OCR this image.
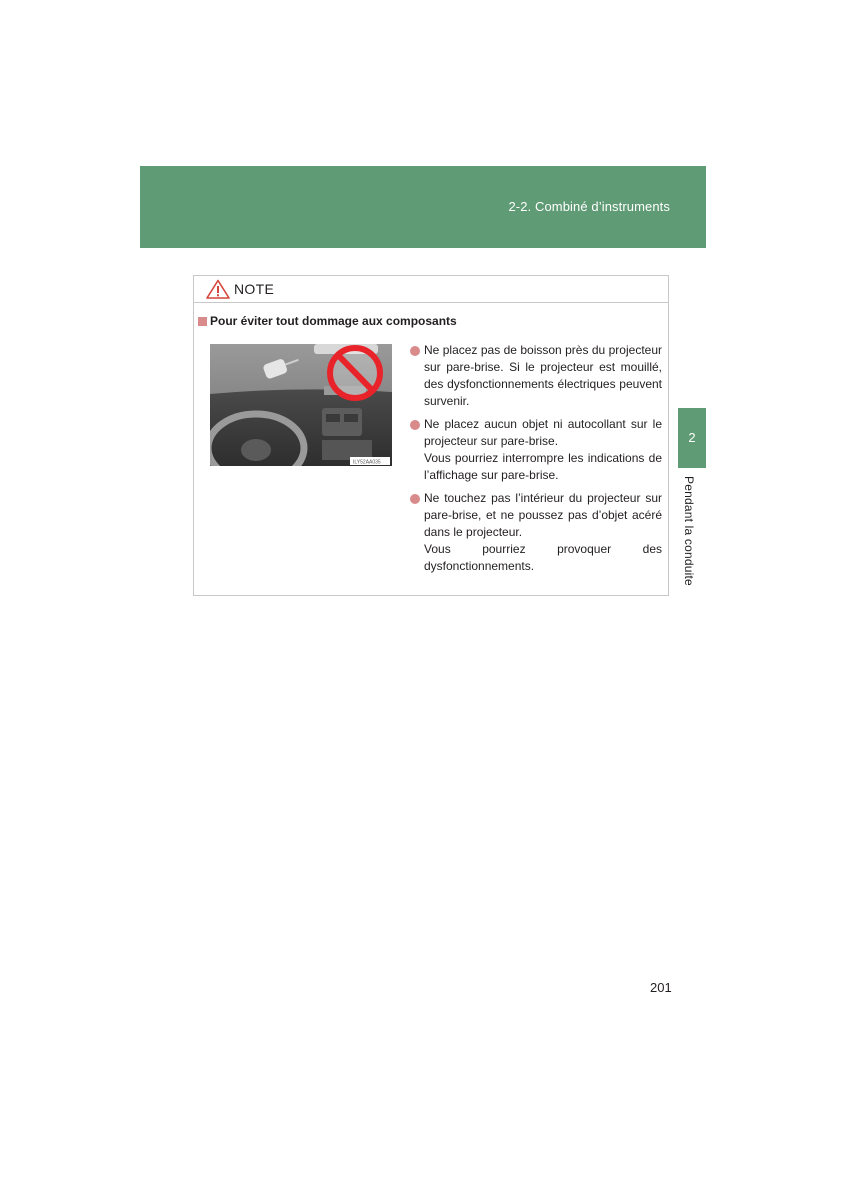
2-2. Combiné d’instruments
2
Pendant la conduite
NOTE
Pour éviter tout dommage aux composants
ILY52AA035
Ne placez pas de boisson près du projecteur sur pare-brise. Si le projecteur est mouillé, des dysfonctionnements électriques peuvent survenir.
Ne placez aucun objet ni autocollant sur le projecteur sur pare-brise.
Vous pourriez interrompre les indications de l’affichage sur pare-brise.
Ne touchez pas l’intérieur du projecteur sur pare-brise, et ne poussez pas d’objet acéré dans le projecteur.
Vous pourriez provoquer des dysfonctionnements.
201
